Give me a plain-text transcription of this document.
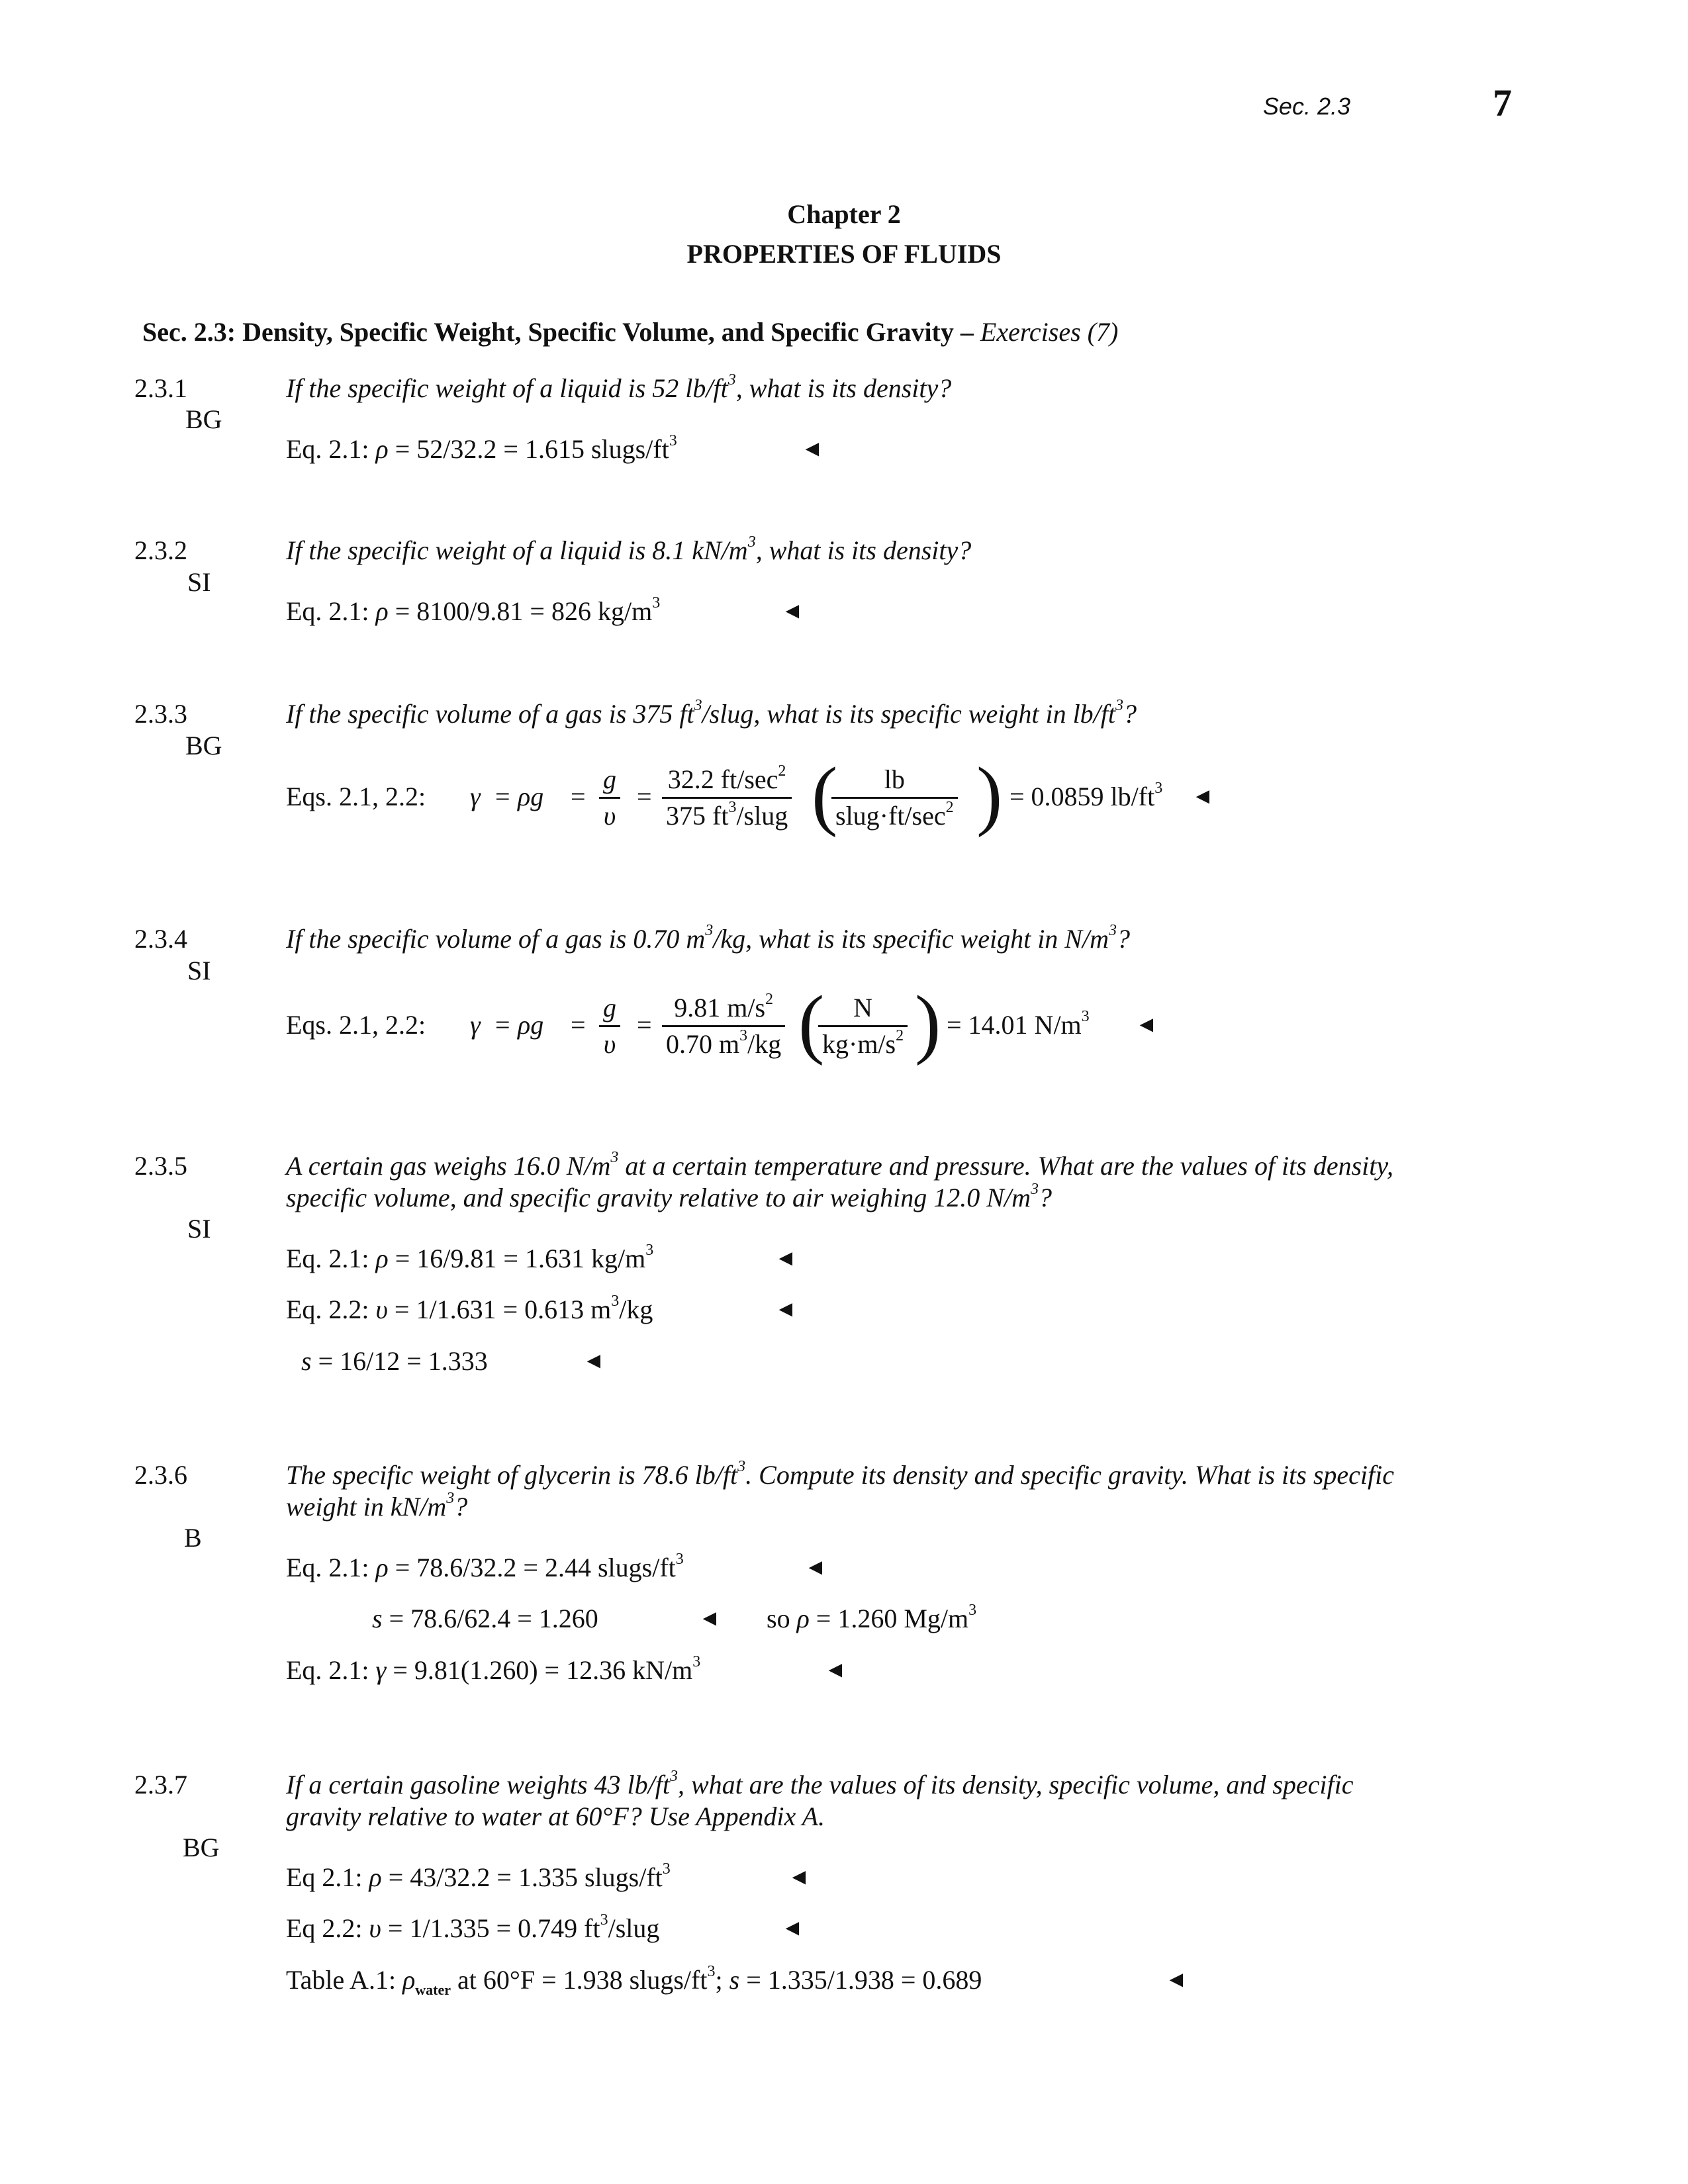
Sec. 2.3	7
Chapter 2
PROPERTIES OF FLUIDS
Sec. 2.3: Density, Specific Weight, Specific Volume, and Specific Gravity – Exercises (7)
2.3.1
BG
If the specific weight of a liquid is 52 $lb/ft^3$, what is its density?
Eq. 2.1: ρ = 52/32.2 = 1.615 slugs/$ft^3$	◄
2.3.2
SI
If the specific weight of a liquid is 8.1 $kN/m^3$, what is its density?
Eq. 2.1: ρ = 8100/9.81 = 826 $kg/m^3$	◄
2.3.3
BG
If the specific volume of a gas is 375 $ft^3$/slug, what is its specific weight in $lb/ft^3$?
Eqs. 2.1, 2.2: $\gamma = \rho g = \frac{g}{\upsilon}$ =
32.2 $ft/\sec^2$
375 $ft^3$/slug (	lb
$slug\cdot ft/\sec^2$ ) = 0.0859 $lb/ft^3$ ◄
2.3.4
SI
If the specific volume of a gas is 0.70 $m^3/kg$, what is its specific weight in $N/m^3$?
Eqs. 2.1, 2.2: $\gamma = \rho g = \frac{g}{\upsilon} = \frac{9.81 m/s^2}{0.70 m^3/kg}$ (
$\frac{N}{kg\cdot m/s^2}$ ) = 14.01 $N/m^3$ ◄
2.3.5
SI
A certain gas weighs 16.0 $N/m^3$ at a certain temperature and pressure. What are the values of its density,
specific volume, and specific gravity relative to air weighing 12.0 $N/m^3$?
Eq. 2.1: ρ = 16/9.81 = 1.631 $kg/m^3$	◄
Eq. 2.2: υ = 1/1.631 = 0.613 $m^3/kg$	◄
s = 16/12 = 1.333	◄
2.3.6
B
The specific weight of glycerin is 78.6 $lb/ft^3$. Compute its density and specific gravity. What is its specific
weight in $kN/m^3$?
Eq. 2.1: ρ = 78.6/32.2 = 2.44 slugs/$ft^3$	◄
s = 78.6/62.4 = 1.260	◄ so ρ = 1.260 $Mg/m^3$
Eq. 2.1: γ = 9.81(1.260) = 12.36 $kN/m^3$	◄
2.3.7
BG
If a certain gasoline weights 43 $lb/ft^3$, what are the values of its density, specific volume, and specific
gravity relative to water at 60°F? Use Appendix A.
Eq 2.1: ρ = 43/32.2 = 1.335 slugs/$ft^3$	◄
Eq 2.2: υ = 1/1.335 = 0.749 $ft^3$/slug	◄
Table A.1: $\rho_{water}$ at 60°F = 1.938 slugs/$ft^3$; s = 1.335/1.938 = 0.689	◄
